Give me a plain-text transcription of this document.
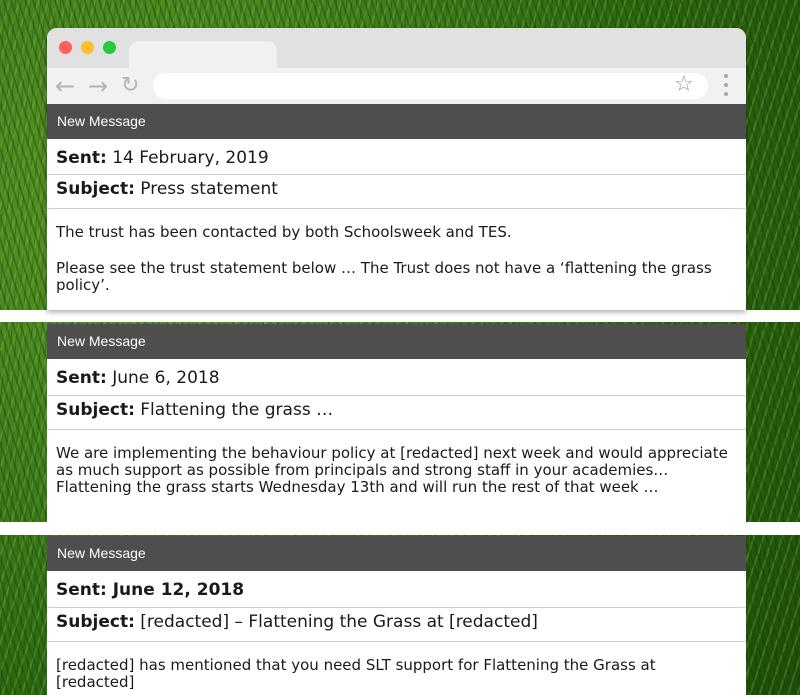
← → ↻	☆
New Message
Sent: 14 February, 2019
Subject: Press statement

The trust has been contacted by both Schoolsweek and TES.

Please see the trust statement below … The Trust does not have a ‘flattening the grass policy’.

New Message
Sent: June 6, 2018
Subject: Flattening the grass …

We are implementing the behaviour policy at [redacted] next week and would appreciate as much support as possible from principals and strong staff in your academies… Flattening the grass starts Wednesday 13th and will run the rest of that week …

New Message
Sent: June 12, 2018
Subject: [redacted] – Flattening the Grass at [redacted]

[redacted] has mentioned that you need SLT support for Flattening the Grass at [redacted]
